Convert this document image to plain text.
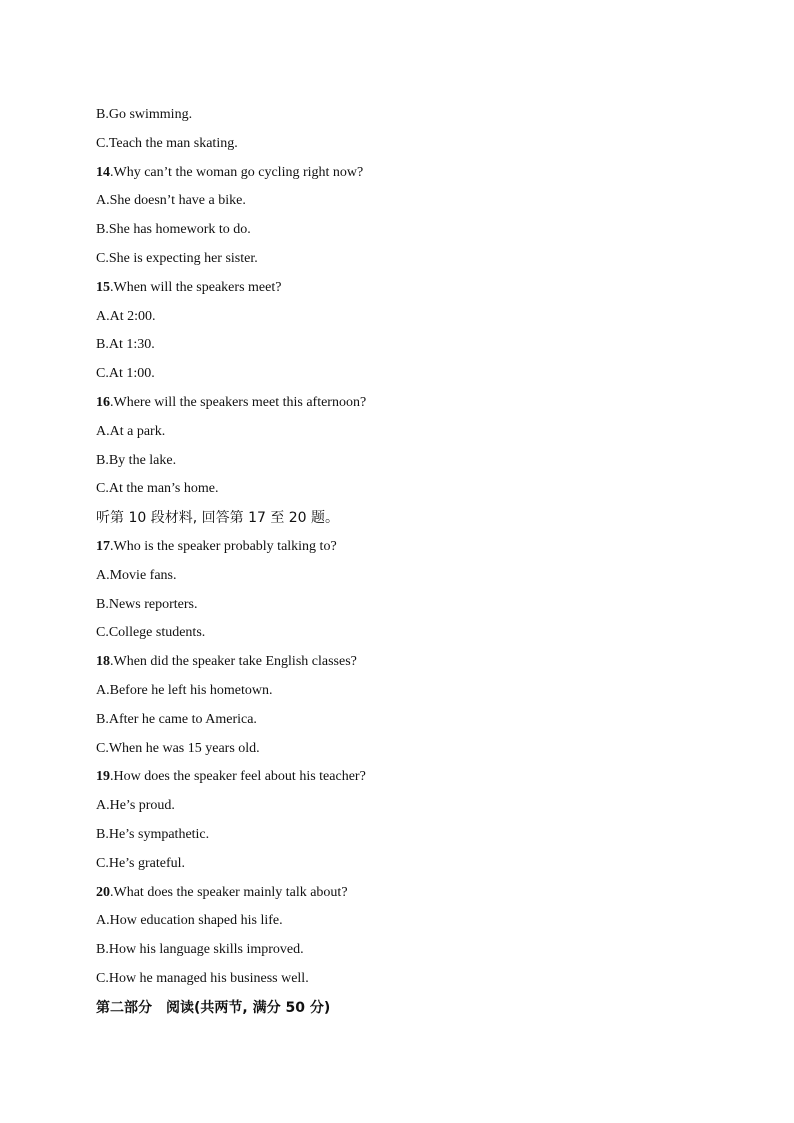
B.Go swimming.
C.Teach the man skating.
14.Why can’t the woman go cycling right now?
A.She doesn’t have a bike.
B.She has homework to do.
C.She is expecting her sister.
15.When will the speakers meet?
A.At 2:00.
B.At 1:30.
C.At 1:00.
16.Where will the speakers meet this afternoon?
A.At a park.
B.By the lake.
C.At the man’s home.
听第 10 段材料, 回答第 17 至 20 题。
17.Who is the speaker probably talking to?
A.Movie fans.
B.News reporters.
C.College students.
18.When did the speaker take English classes?
A.Before he left his hometown.
B.After he came to America.
C.When he was 15 years old.
19.How does the speaker feel about his teacher?
A.He’s proud.
B.He’s sympathetic.
C.He’s grateful.
20.What does the speaker mainly talk about?
A.How education shaped his life.
B.How his language skills improved.
C.How he managed his business well.
第二部分　阅读(共两节, 满分 50 分)
